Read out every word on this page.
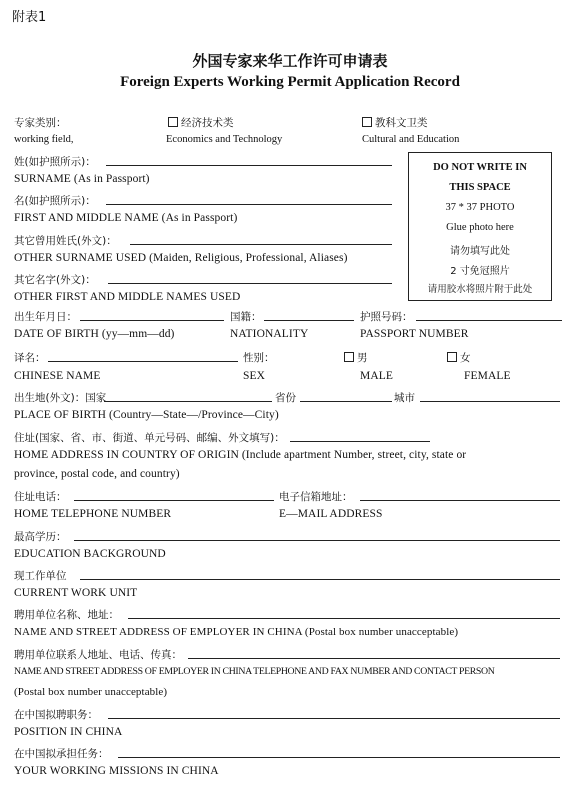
附表1
外国专家来华工作许可申请表
Foreign Experts Working Permit Application Record
专家类别：
working field,
经济技术类
Economics and Technology
教科文卫类
Cultural and Education
DO NOT WRITE IN
THIS SPACE
37 * 37 PHOTO
Glue photo here
请勿填写此处
2 寸免冠照片
请用胶水将照片附于此处
姓(如护照所示)：
SURNAME (As in Passport)
名(如护照所示)：
FIRST AND MIDDLE NAME (As in Passport)
其它曾用姓氏(外文)：
OTHER SURNAME USED (Maiden, Religious, Professional, Aliases)
其它名字(外文)：
OTHER FIRST AND MIDDLE NAMES USED
出生年月日：	国籍：	护照号码：
DATE OF BIRTH (yy—mm—dd)	NATIONALITY	PASSPORT NUMBER
译名：	性别：	男	女
CHINESE NAME	SEX	MALE	FEMALE
出生地(外文)：国家	省份	城市
PLACE OF BIRTH (Country—State—/Province—City)
住址(国家、省、市、街道、单元号码、邮编、外文填写)：
HOME ADDRESS IN COUNTRY OF ORIGIN (Include apartment Number, street, city, state or
province, postal code, and country)
住址电话：	电子信箱地址：
HOME TELEPHONE NUMBER	E—MAIL ADDRESS
最高学历：
EDUCATION BACKGROUND
现工作单位
CURRENT WORK UNIT
聘用单位名称、地址：
NAME AND STREET ADDRESS OF EMPLOYER IN CHINA (Postal box number unacceptable)
聘用单位联系人地址、电话、传真：
NAME AND STREET ADDRESS OF EMPLOYER IN CHINA TELEPHONE AND FAX NUMBER AND CONTACT PERSON
(Postal box number unacceptable)
在中国拟聘职务：
POSITION IN CHINA
在中国拟承担任务：
YOUR WORKING MISSIONS IN CHINA
